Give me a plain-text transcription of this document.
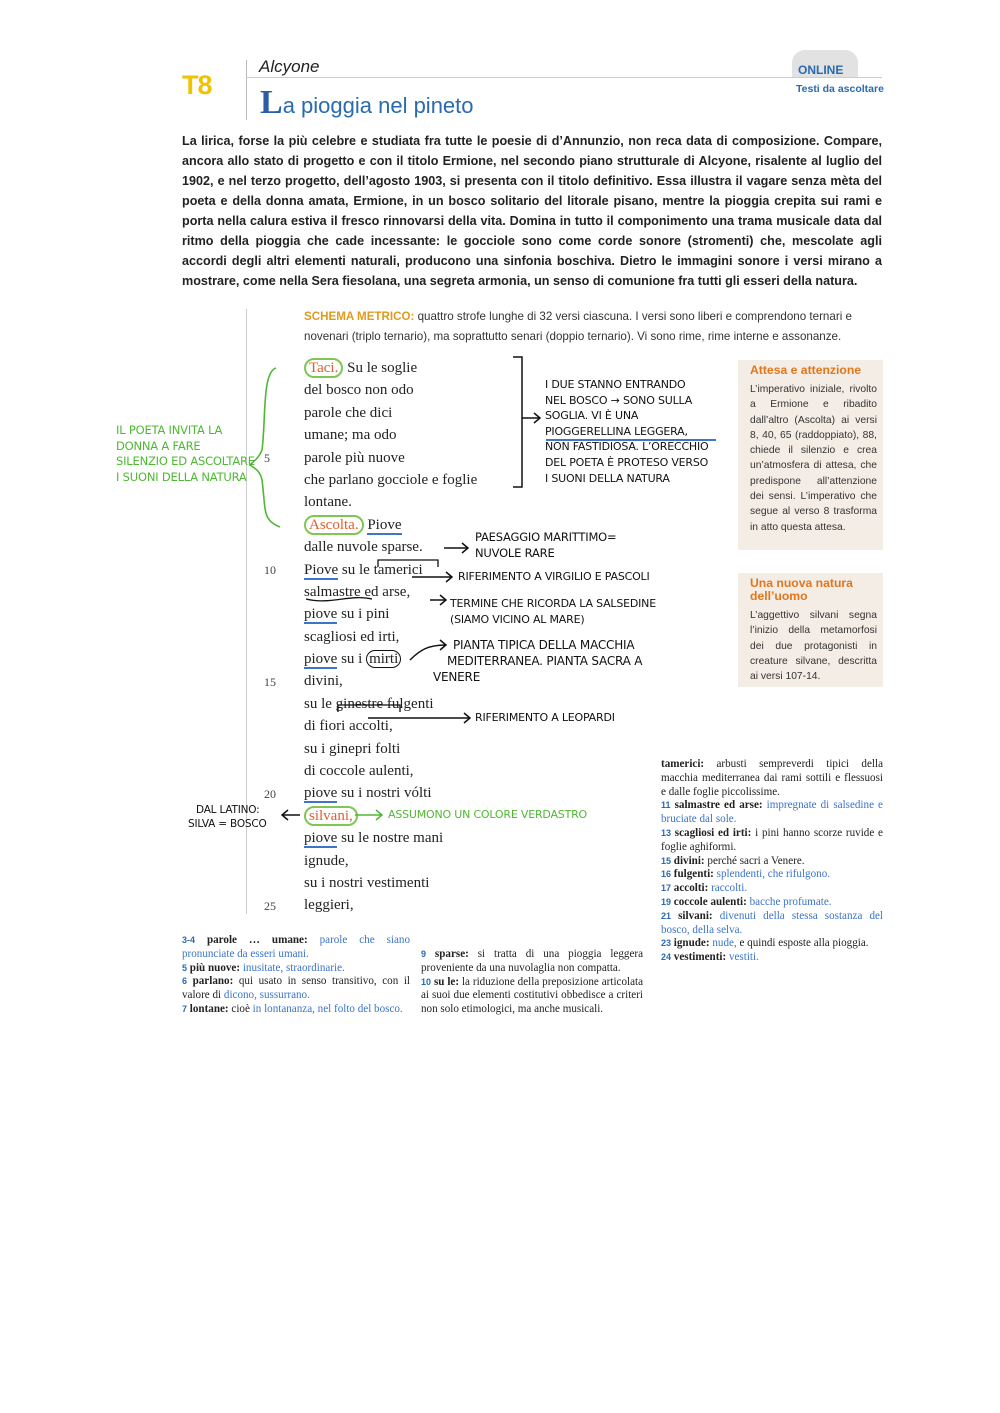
T8
Alcyone
La pioggia nel pineto
ONLINE
Testi da ascoltare
La lirica, forse la più celebre e studiata fra tutte le poesie di d’Annunzio, non reca data di composizione. Compare, ancora allo stato di progetto e con il titolo Ermione, nel secondo piano strutturale di Alcyone, risalente al luglio del 1902, e nel terzo progetto, dell’agosto 1903, si presenta con il titolo definitivo. Essa illustra il vagare senza mèta del poeta e della donna amata, Ermione, in un bosco solitario del litorale pisano, mentre la pioggia crepita sui rami e porta nella calura estiva il fresco rinnovarsi della vita. Domina in tutto il componimento una trama musicale data dal ritmo della pioggia che cade incessante: le gocciole sono come corde sonore (stromenti) che, mescolate agli accordi degli altri elementi naturali, producono una sinfonia boschiva. Dietro le immagini sonore i versi mirano a mostrare, come nella Sera fiesolana, una segreta armonia, un senso di comunione fra tutti gli esseri della natura.
SCHEMA METRICO: quattro strofe lunghe di 32 versi ciascuna. I versi sono liberi e comprendono ternari e novenari (triplo ternario), ma soprattutto senari (doppio ternario). Vi sono rime, rime interne e assonanze.
Taci. Su le soglie
del bosco non odo
parole che dici
umane; ma odo
parole più nuove
che parlano gocciole e foglie
lontane.
Ascolta. Piove
dalle nuvole sparse.
Piove su le tamerici
salmastre ed arse,
piove su i pini
scagliosi ed irti,
piove su i mirti
divini,
su le ginestre fulgenti
di fiori accolti,
su i ginepri folti
di coccole aulenti,
piove su i nostri vólti
silvani,
piove su le nostre mani
ignude,
su i nostri vestimenti
leggieri,
5
10
15
20
25
Attesa e attenzione
L’imperativo iniziale, rivolto a Ermione e ribadito dall’altro (Ascolta) ai versi 8, 40, 65 (raddoppiato), 88, chiede il silenzio e crea un’atmosfera di attesa, che predispone all’attenzione dei sensi. L’imperativo che segue al verso 8 trasforma in atto questa attesa.
Una nuova natura dell’uomo
L’aggettivo silvani segna l’inizio della metamorfosi dei due protagonisti in creature silvane, descritta ai versi 107-14.

3-4 parole … umane: parole che siano pronunciate da esseri umani.

5 più nuove: inusitate, straordinarie.

6 parlano: qui usato in senso transitivo, con il valore di dicono, sussurrano.

7 lontane: cioè in lontananza, nel folto del bosco.

9 sparse: si tratta di una pioggia leggera proveniente da una nuvolaglia non compatta.

10 su le: la riduzione della preposizione articolata ai suoi due elementi costitutivi obbedisce a criteri non solo etimologici, ma anche musicali.

tamerici: arbusti sempreverdi tipici della macchia mediterranea dai rami sottili e flessuosi e dalle foglie piccolissime.

11 salmastre ed arse: impregnate di salsedine e bruciate dal sole.

13 scagliosi ed irti: i pini hanno scorze ruvide e foglie aghiformi.

15 divini: perché sacri a Venere.

16 fulgenti: splendenti, che rifulgono.

17 accolti: raccolti.

19 coccole aulenti: bacche profumate.

21 silvani: divenuti della stessa sostanza del bosco, della selva.

23 ignude: nude, e quindi esposte alla pioggia.

24 vestimenti: vestiti.

IL POETA INVITA LA
DONNA A FARE
SILENZIO ED ASCOLTARE
I SUONI DELLA NATURA
I DUE STANNO ENTRANDO
NEL BOSCO → SONO SULLA
SOGLIA. VI È UNA
PIOGGERELLINA LEGGERA,
NON FASTIDIOSA. L’ORECCHIO
DEL POETA È PROTESO VERSO
I SUONI DELLA NATURA
PAESAGGIO MARITTIMO=
NUVOLE RARE
RIFERIMENTO A VIRGILIO E PASCOLI
TERMINE CHE RICORDA LA SALSEDINE
(SIAMO VICINO AL MARE)
PIANTA TIPICA DELLA MACCHIA
MEDITERRANEA. PIANTA SACRA A
VENERE
RIFERIMENTO A LEOPARDI
DAL LATINO:
SILVA = BOSCO
ASSUMONO UN COLORE VERDASTRO
